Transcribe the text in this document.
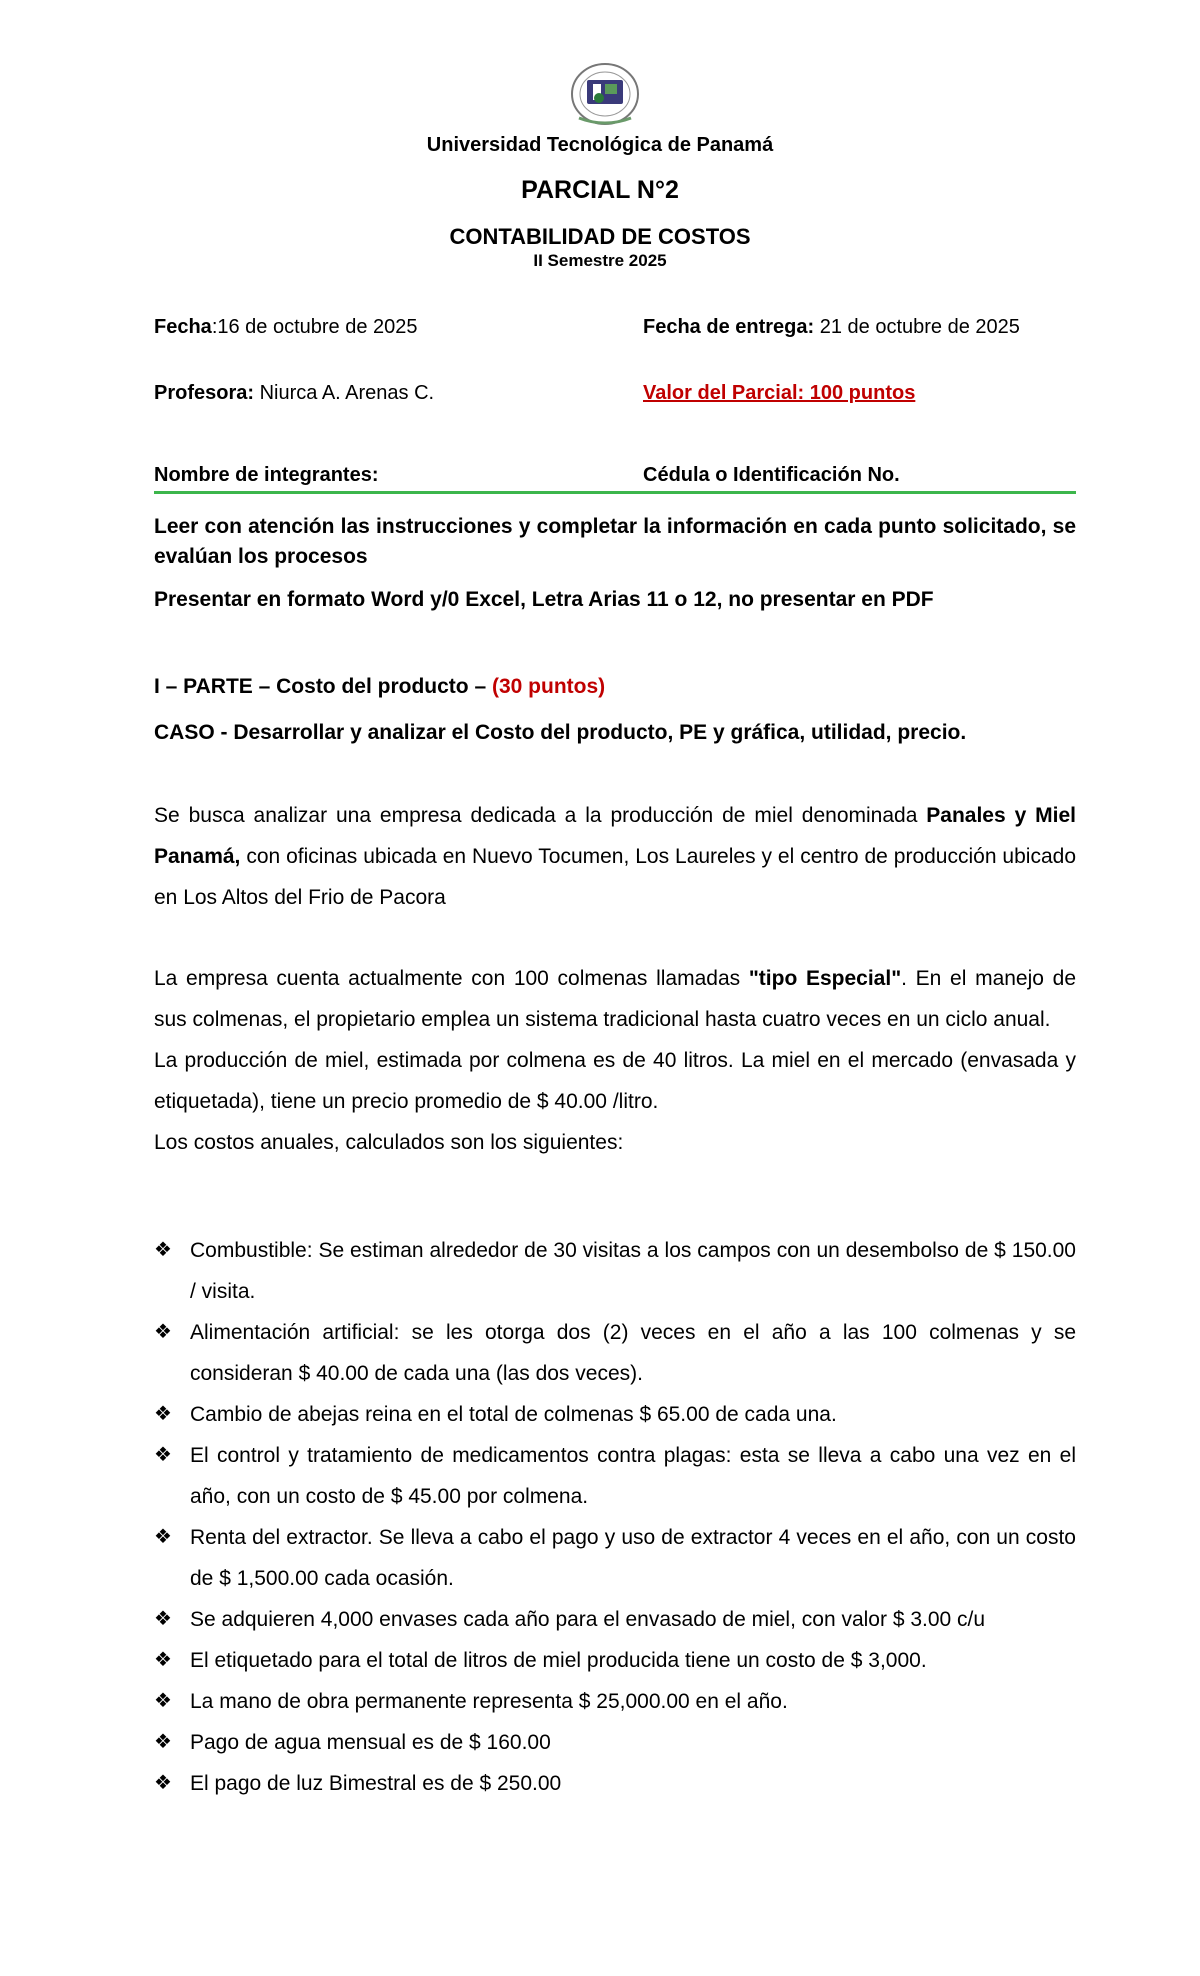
Universidad Tecnológica de Panamá
PARCIAL N°2
CONTABILIDAD DE COSTOS
II Semestre 2025
Fecha:16 de octubre de 2025	Fecha de entrega: 21 de octubre de 2025
Profesora: Niurca A. Arenas C.	Valor del Parcial: 100 puntos
Nombre de integrantes:	Cédula o Identificación No.
Leer con atención las instrucciones y completar la información en cada punto solicitado, se evalúan los procesos
Presentar en formato Word y/0 Excel, Letra Arias 11 o 12, no presentar en PDF
I – PARTE – Costo del producto – (30 puntos)
CASO - Desarrollar y analizar el Costo del producto, PE y gráfica, utilidad, precio.
Se busca analizar una empresa dedicada a la producción de miel denominada Panales y Miel Panamá, con oficinas ubicada en Nuevo Tocumen, Los Laureles y el centro de producción ubicado en Los Altos del Frio de Pacora
La empresa cuenta actualmente con 100 colmenas llamadas "tipo Especial". En el manejo de sus colmenas, el propietario emplea un sistema tradicional hasta cuatro veces en un ciclo anual.
La producción de miel, estimada por colmena es de 40 litros. La miel en el mercado (envasada y etiquetada), tiene un precio promedio de $ 40.00 /litro.
Los costos anuales, calculados son los siguientes:
❖ Combustible: Se estiman alrededor de 30 visitas a los campos con un desembolso de $ 150.00 / visita.
❖ Alimentación artificial: se les otorga dos (2) veces en el año a las 100 colmenas y se consideran $ 40.00 de cada una (las dos veces).
❖ Cambio de abejas reina en el total de colmenas $ 65.00 de cada una.
❖ El control y tratamiento de medicamentos contra plagas: esta se lleva a cabo una vez en el año, con un costo de $ 45.00 por colmena.
❖ Renta del extractor. Se lleva a cabo el pago y uso de extractor 4 veces en el año, con un costo de $ 1,500.00 cada ocasión.
❖ Se adquieren 4,000 envases cada año para el envasado de miel, con valor $ 3.00 c/u
❖ El etiquetado para el total de litros de miel producida tiene un costo de $ 3,000.
❖ La mano de obra permanente representa $ 25,000.00 en el año.
❖ Pago de agua mensual es de $ 160.00
❖ El pago de luz Bimestral es de $ 250.00
